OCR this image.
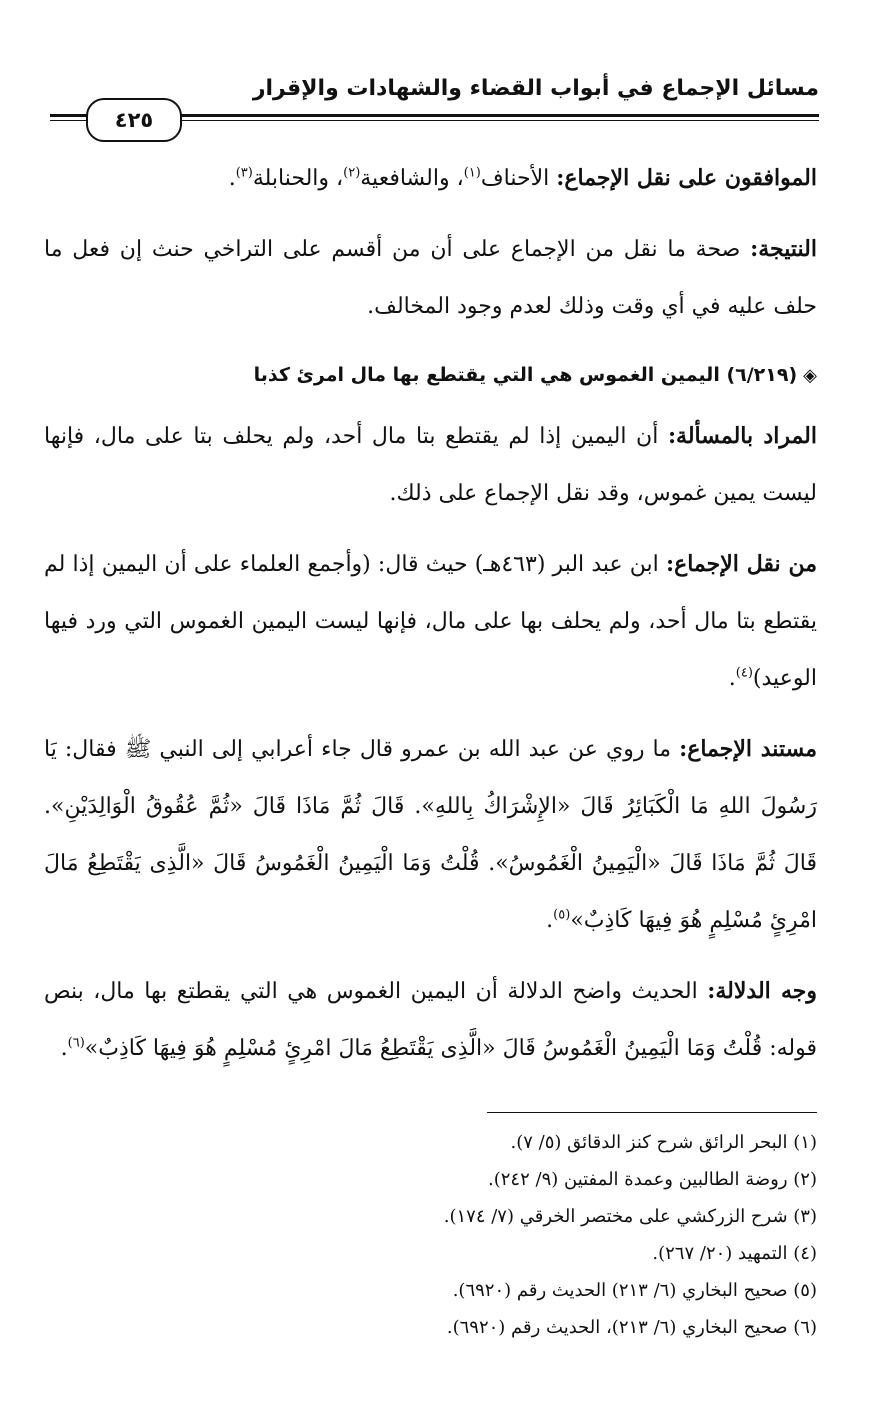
مسائل الإجماع في أبواب القضاء والشهادات والإقرار
٤٢٥

الموافقون على نقل الإجماع: الأحناف$^{(١)}$، والشافعية$^{(٢)}$، والحنابلة$^{(٣)}$.

النتيجة: صحة ما نقل من الإجماع على أن من أقسم على التراخي حنث إن فعل ما حلف عليه في أي وقت وذلك لعدم وجود المخالف.

◈(٦/٢١٩) اليمين الغموس هي التي يقتطع بها مال امرئ كذبا

المراد بالمسألة: أن اليمين إذا لم يقتطع بتا مال أحد، ولم يحلف بتا على مال، فإنها ليست يمين غموس، وقد نقل الإجماع على ذلك.

من نقل الإجماع: ابن عبد البر (٤٦٣هـ) حيث قال: (وأجمع العلماء على أن اليمين إذا لم يقتطع بتا مال أحد، ولم يحلف بها على مال، فإنها ليست اليمين الغموس التي ورد فيها الوعيد)$^{(٤)}$.

مستند الإجماع: ما روي عن عبد الله بن عمرو قال جاء أعرابي إلى النبي ﷺ فقال: يَا رَسُولَ اللهِ مَا الْكَبَائِرُ قَالَ «الإِشْرَاكُ بِاللهِ». قَالَ ثُمَّ مَاذَا قَالَ «ثُمَّ عُقُوقُ الْوَالِدَيْنِ». قَالَ ثُمَّ مَاذَا قَالَ «الْيَمِينُ الْغَمُوسُ». قُلْتُ وَمَا الْيَمِينُ الْغَمُوسُ قَالَ «الَّذِى يَقْتَطِعُ مَالَ امْرِئٍ مُسْلِمٍ هُوَ فِيهَا كَاذِبٌ»$^{(٥)}$.

وجه الدلالة: الحديث واضح الدلالة أن اليمين الغموس هي التي يقطتع بها مال، بنص قوله: قُلْتُ وَمَا الْيَمِينُ الْغَمُوسُ قَالَ «الَّذِى يَقْتَطِعُ مَالَ امْرِئٍ مُسْلِمٍ هُوَ فِيهَا كَاذِبٌ»$^{(٦)}$.

(١) البحر الرائق شرح كنز الدقائق (٥/ ٧).
(٢) روضة الطالبين وعمدة المفتين (٩/ ٢٤٢).
(٣) شرح الزركشي على مختصر الخرقي (٧/ ١٧٤).
(٤) التمهيد (٢٠/ ٢٦٧).
(٥) صحيح البخاري (٦/ ٢١٣) الحديث رقم (٦٩٢٠).
(٦) صحيح البخاري (٦/ ٢١٣)، الحديث رقم (٦٩٢٠).
